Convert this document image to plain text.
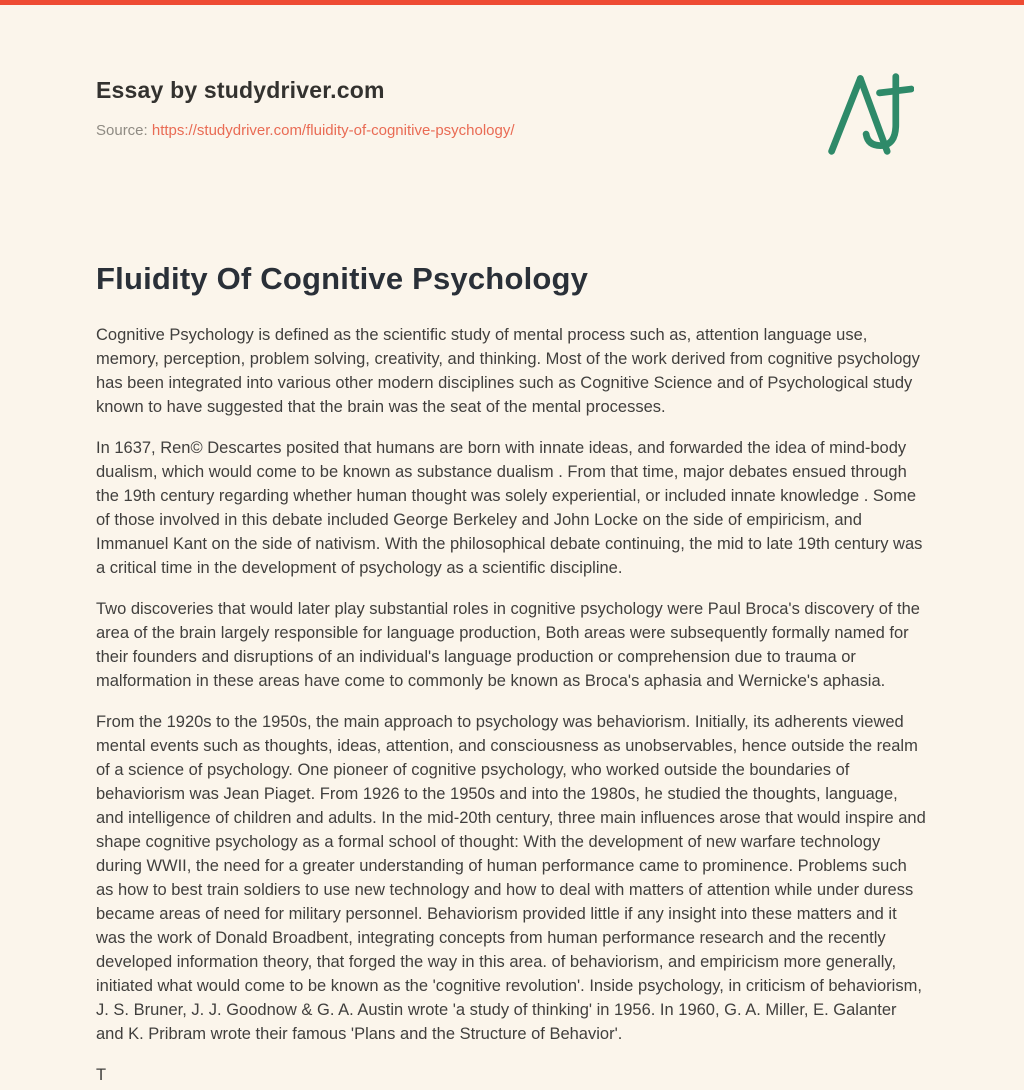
Essay by studydriver.com
Source: https://studydriver.com/fluidity-of-cognitive-psychology/
Fluidity Of Cognitive Psychology

Cognitive Psychology is defined as the scientific study of mental process such as, attention language use, memory, perception, problem solving, creativity, and thinking. Most of the work derived from cognitive psychology has been integrated into various other modern disciplines such as Cognitive Science and of Psychological study known to have suggested that the brain was the seat of the mental processes.

In 1637, Ren© Descartes posited that humans are born with innate ideas, and forwarded the idea of mind-body dualism, which would come to be known as substance dualism . From that time, major debates ensued through the 19th century regarding whether human thought was solely experiential, or included innate knowledge . Some of those involved in this debate included George Berkeley and John Locke on the side of empiricism, and Immanuel Kant on the side of nativism. With the philosophical debate continuing, the mid to late 19th century was a critical time in the development of psychology as a scientific discipline.

Two discoveries that would later play substantial roles in cognitive psychology were Paul Broca's discovery of the area of the brain largely responsible for language production, Both areas were subsequently formally named for their founders and disruptions of an individual's language production or comprehension due to trauma or malformation in these areas have come to commonly be known as Broca's aphasia and Wernicke's aphasia.

From the 1920s to the 1950s, the main approach to psychology was behaviorism. Initially, its adherents viewed mental events such as thoughts, ideas, attention, and consciousness as unobservables, hence outside the realm of a science of psychology. One pioneer of cognitive psychology, who worked outside the boundaries of behaviorism was Jean Piaget. From 1926 to the 1950s and into the 1980s, he studied the thoughts, language, and intelligence of children and adults. In the mid-20th century, three main influences arose that would inspire and shape cognitive psychology as a formal school of thought: With the development of new warfare technology during WWII, the need for a greater understanding of human performance came to prominence. Problems such as how to best train soldiers to use new technology and how to deal with matters of attention while under duress became areas of need for military personnel. Behaviorism provided little if any insight into these matters and it was the work of Donald Broadbent, integrating concepts from human performance research and the recently developed information theory, that forged the way in this area. of behaviorism, and empiricism more generally, initiated what would come to be known as the 'cognitive revolution'. Inside psychology, in criticism of behaviorism, J. S. Bruner, J. J. Goodnow & G. A. Austin wrote 'a study of thinking' in 1956. In 1960, G. A. Miller, E. Galanter and K. Pribram wrote their famous 'Plans and the Structure of Behavior'.

T
